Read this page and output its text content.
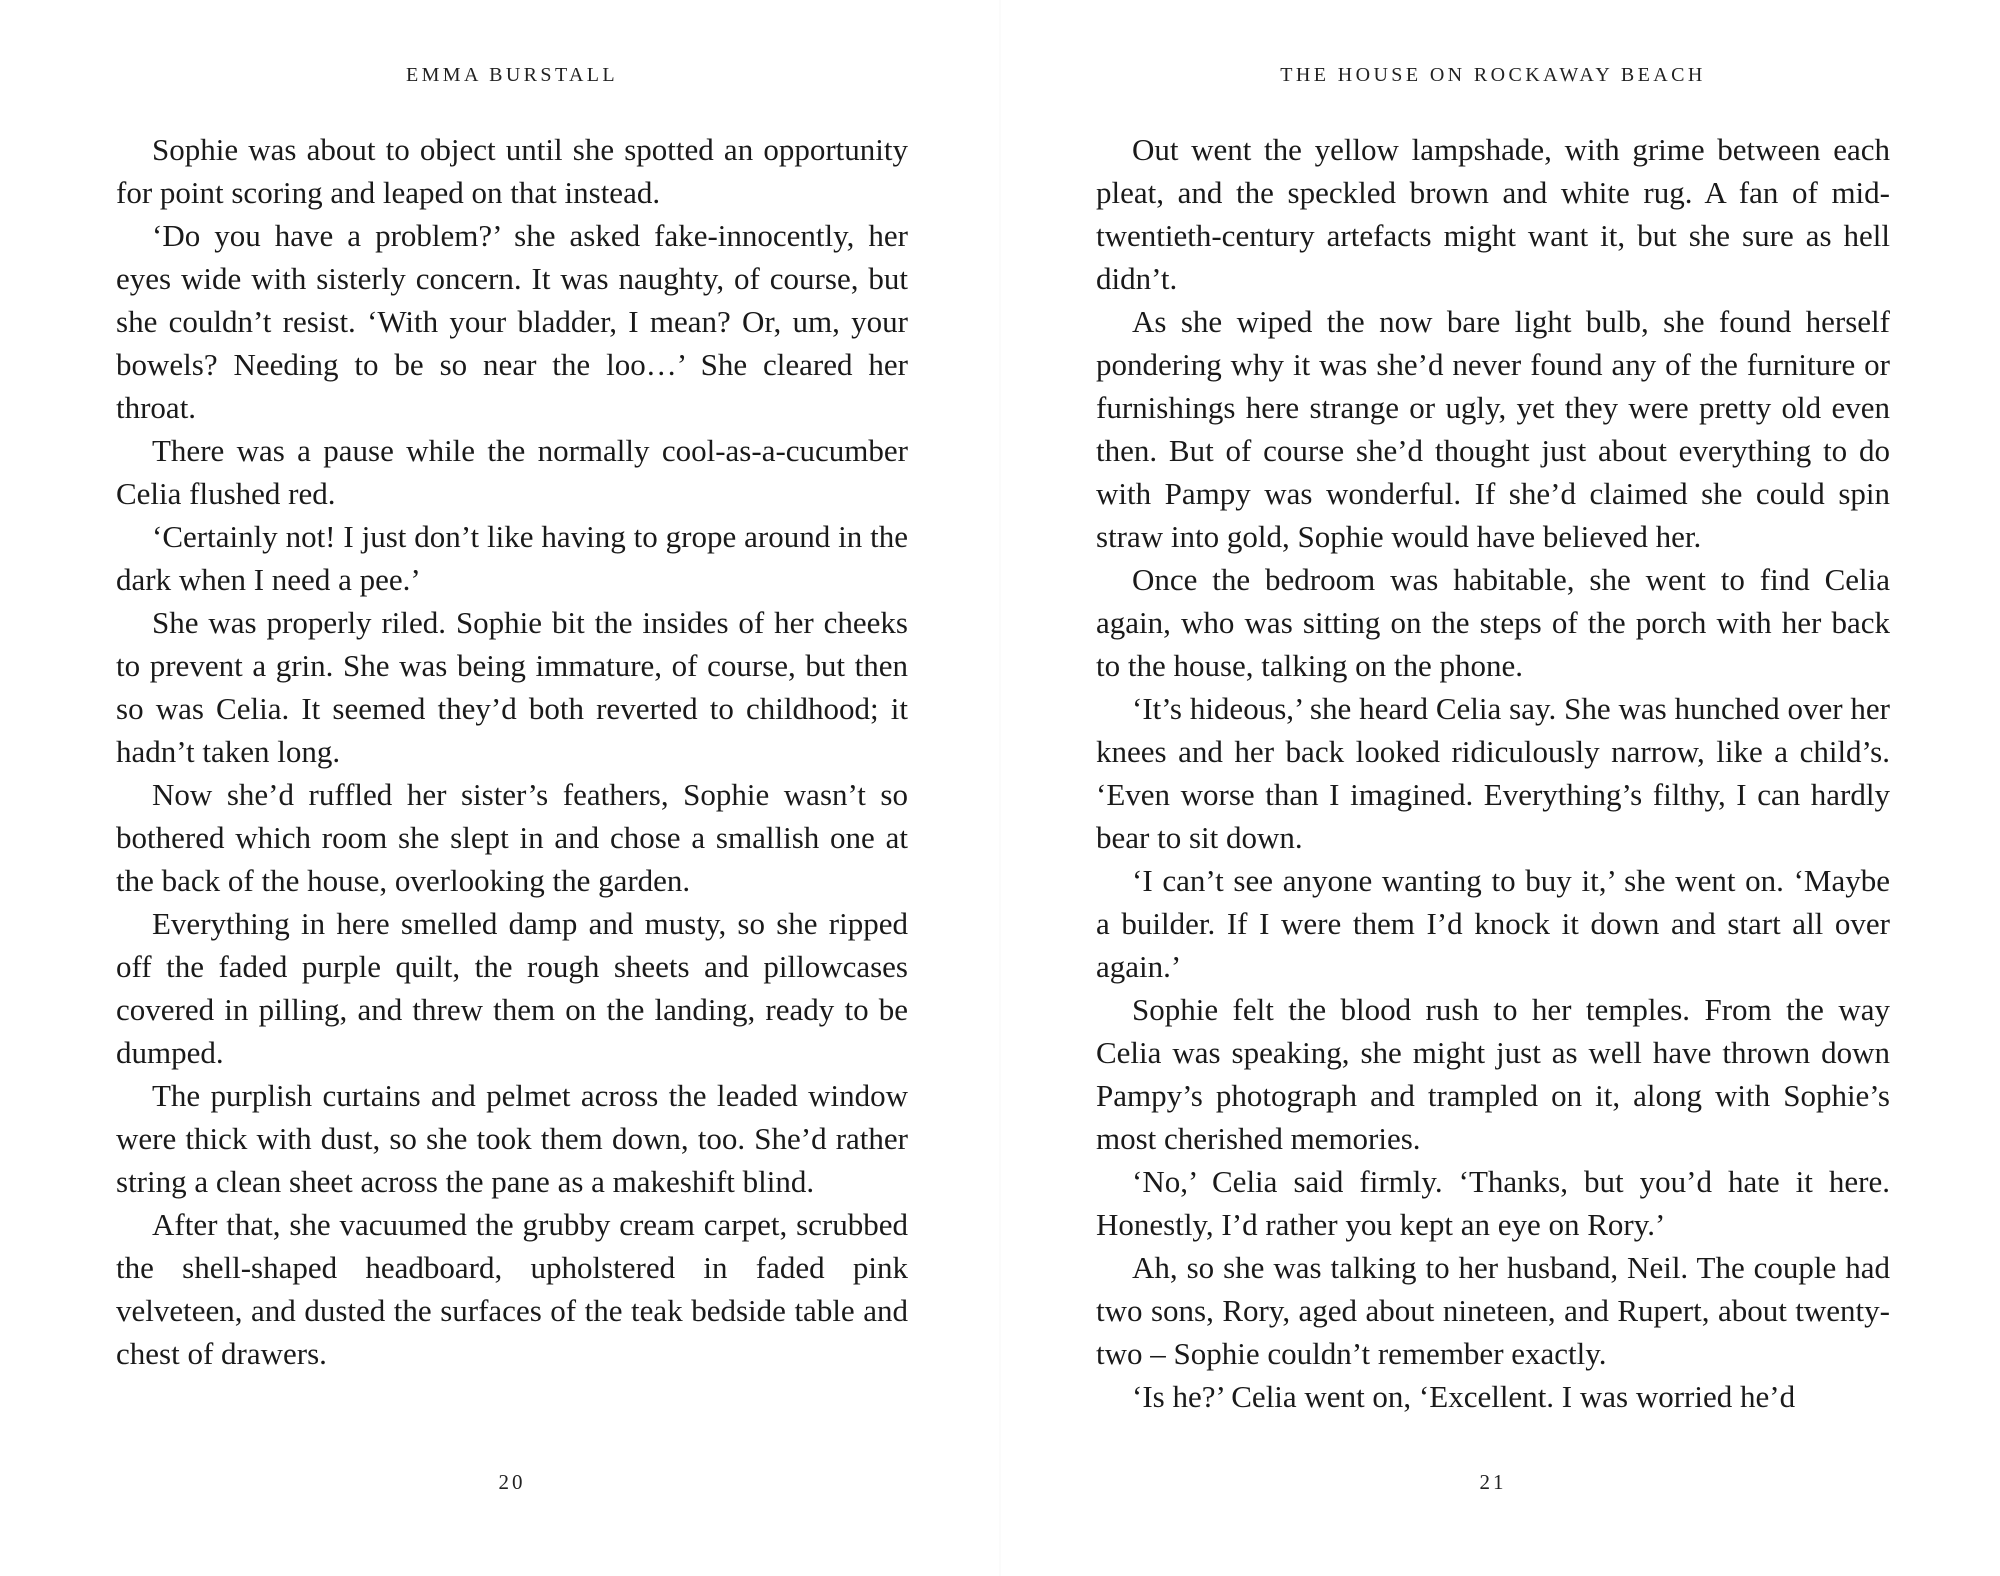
EMMA BURSTALL

Sophie was about to object until she spotted an opportunity for point scoring and leaped on that instead.

‘Do you have a problem?’ she asked fake-innocently, her eyes wide with sisterly concern. It was naughty, of course, but she couldn’t resist. ‘With your bladder, I mean? Or, um, your bowels? Needing to be so near the loo…’ She cleared her throat.

There was a pause while the normally cool-as-a-cucumber Celia flushed red.

‘Certainly not! I just don’t like having to grope around in the dark when I need a pee.’

She was properly riled. Sophie bit the insides of her cheeks to prevent a grin. She was being immature, of course, but then so was Celia. It seemed they’d both reverted to childhood; it hadn’t taken long.

Now she’d ruffled her sister’s feathers, Sophie wasn’t so bothered which room she slept in and chose a smallish one at the back of the house, overlooking the garden.

Everything in here smelled damp and musty, so she ripped off the faded purple quilt, the rough sheets and pillowcases covered in pilling, and threw them on the landing, ready to be dumped.

The purplish curtains and pelmet across the leaded window were thick with dust, so she took them down, too. She’d rather string a clean sheet across the pane as a makeshift blind.

After that, she vacuumed the grubby cream carpet, scrubbed the shell-shaped headboard, upholstered in faded pink velveteen, and dusted the surfaces of the teak bedside table and chest of drawers.

20
THE HOUSE ON ROCKAWAY BEACH

Out went the yellow lampshade, with grime between each pleat, and the speckled brown and white rug. A fan of mid-twentieth-century artefacts might want it, but she sure as hell didn’t.

As she wiped the now bare light bulb, she found herself pondering why it was she’d never found any of the furniture or furnishings here strange or ugly, yet they were pretty old even then. But of course she’d thought just about everything to do with Pampy was wonderful. If she’d claimed she could spin straw into gold, Sophie would have believed her.

Once the bedroom was habitable, she went to find Celia again, who was sitting on the steps of the porch with her back to the house, talking on the phone.

‘It’s hideous,’ she heard Celia say. She was hunched over her knees and her back looked ridiculously narrow, like a child’s. ‘Even worse than I imagined. Everything’s filthy, I can hardly bear to sit down.

‘I can’t see anyone wanting to buy it,’ she went on. ‘Maybe a builder. If I were them I’d knock it down and start all over again.’

Sophie felt the blood rush to her temples. From the way Celia was speaking, she might just as well have thrown down Pampy’s photograph and trampled on it, along with Sophie’s most cherished memories.

‘No,’ Celia said firmly. ‘Thanks, but you’d hate it here. Honestly, I’d rather you kept an eye on Rory.’

Ah, so she was talking to her husband, Neil. The couple had two sons, Rory, aged about nineteen, and Rupert, about twenty-two – Sophie couldn’t remember exactly.

‘Is he?’ Celia went on, ‘Excellent. I was worried he’d

21
